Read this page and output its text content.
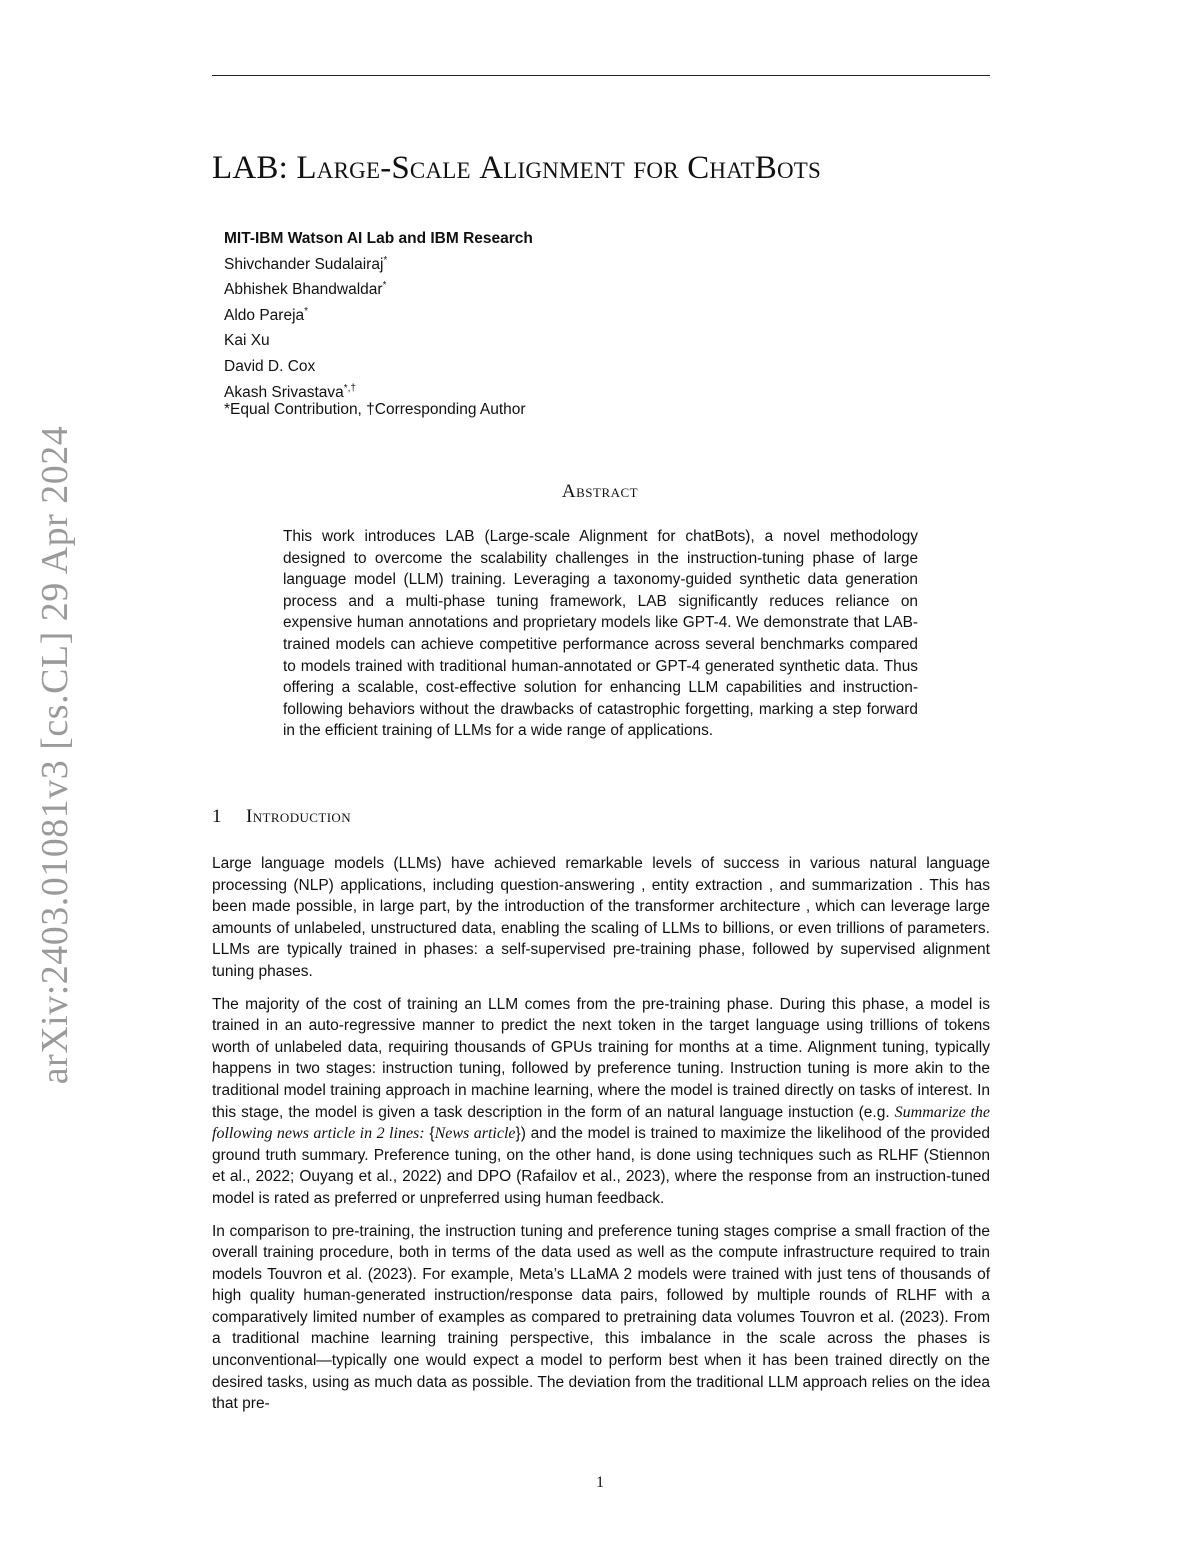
LAB: Large-Scale Alignment for ChatBots
MIT-IBM Watson AI Lab and IBM Research
Shivchander Sudalairaj*
Abhishek Bhandwaldar*
Aldo Pareja*
Kai Xu
David D. Cox
Akash Srivastava*,†
*Equal Contribution, †Corresponding Author
Abstract
This work introduces LAB (Large-scale Alignment for chatBots), a novel methodology designed to overcome the scalability challenges in the instruction-tuning phase of large language model (LLM) training. Leveraging a taxonomy-guided synthetic data generation process and a multi-phase tuning framework, LAB significantly reduces reliance on expensive human annotations and proprietary models like GPT-4. We demonstrate that LAB-trained models can achieve competitive performance across several benchmarks compared to models trained with traditional human-annotated or GPT-4 generated synthetic data. Thus offering a scalable, cost-effective solution for enhancing LLM capabilities and instruction-following behaviors without the drawbacks of catastrophic forgetting, marking a step forward in the efficient training of LLMs for a wide range of applications.
1 Introduction

Large language models (LLMs) have achieved remarkable levels of success in various natural language processing (NLP) applications, including question-answering , entity extraction , and summarization . This has been made possible, in large part, by the introduction of the transformer architecture , which can leverage large amounts of unlabeled, unstructured data, enabling the scaling of LLMs to billions, or even trillions of parameters. LLMs are typically trained in phases: a self-supervised pre-training phase, followed by supervised alignment tuning phases.

The majority of the cost of training an LLM comes from the pre-training phase. During this phase, a model is trained in an auto-regressive manner to predict the next token in the target language using trillions of tokens worth of unlabeled data, requiring thousands of GPUs training for months at a time. Alignment tuning, typically happens in two stages: instruction tuning, followed by preference tuning. Instruction tuning is more akin to the traditional model training approach in machine learning, where the model is trained directly on tasks of interest. In this stage, the model is given a task description in the form of an natural language instuction (e.g. Summarize the following news article in 2 lines: {News article}) and the model is trained to maximize the likelihood of the provided ground truth summary. Preference tuning, on the other hand, is done using techniques such as RLHF (Stiennon et al., 2022; Ouyang et al., 2022) and DPO (Rafailov et al., 2023), where the response from an instruction-tuned model is rated as preferred or unpreferred using human feedback.

In comparison to pre-training, the instruction tuning and preference tuning stages comprise a small fraction of the overall training procedure, both in terms of the data used as well as the compute infrastructure required to train models Touvron et al. (2023). For example, Meta’s LLaMA 2 models were trained with just tens of thousands of high quality human-generated instruction/response data pairs, followed by multiple rounds of RLHF with a comparatively limited number of examples as compared to pretraining data volumes Touvron et al. (2023). From a traditional machine learning training perspective, this imbalance in the scale across the phases is unconventional—typically one would expect a model to perform best when it has been trained directly on the desired tasks, using as much data as possible. The deviation from the traditional LLM approach relies on the idea that pre-

arXiv:2403.01081v3 [cs.CL] 29 Apr 2024
1
